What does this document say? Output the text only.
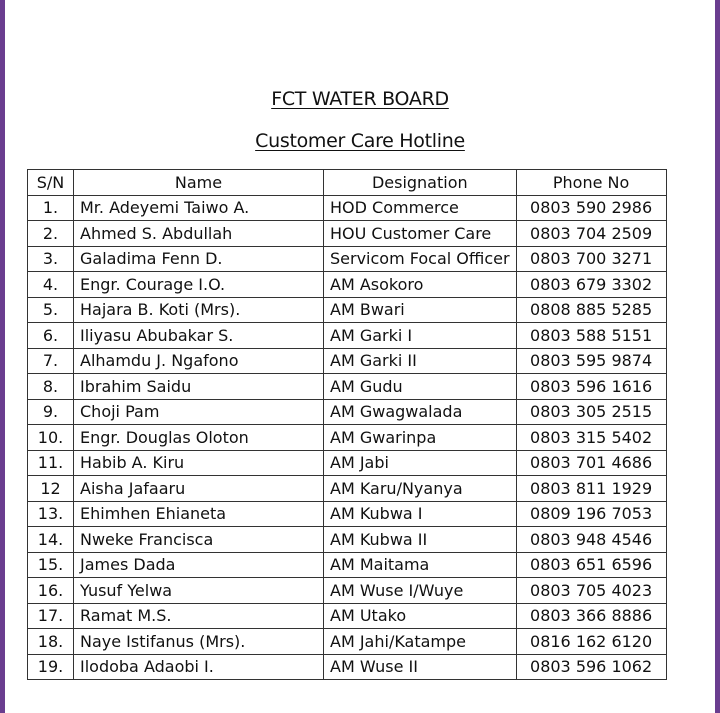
FCT WATER BOARD
Customer Care Hotline
S/N	Name	Designation	Phone No
1.	Mr. Adeyemi Taiwo A.	HOD Commerce	0803 590 2986
2.	Ahmed S. Abdullah	HOU Customer Care	0803 704 2509
3.	Galadima Fenn D.	Servicom Focal Officer	0803 700 3271
4.	Engr. Courage I.O.	AM Asokoro	0803 679 3302
5.	Hajara B. Koti (Mrs).	AM Bwari	0808 885 5285
6.	Iliyasu Abubakar S.	AM Garki I	0803 588 5151
7.	Alhamdu J. Ngafono	AM Garki II	0803 595 9874
8.	Ibrahim Saidu	AM Gudu	0803 596 1616
9.	Choji Pam	AM Gwagwalada	0803 305 2515
10.	Engr. Douglas Oloton	AM Gwarinpa	0803 315 5402
11.	Habib A. Kiru	AM Jabi	0803 701 4686
12	Aisha Jafaaru	AM Karu/Nyanya	0803 811 1929
13.	Ehimhen Ehianeta	AM Kubwa I	0809 196 7053
14.	Nweke Francisca	AM Kubwa II	0803 948 4546
15.	James Dada	AM Maitama	0803 651 6596
16.	Yusuf Yelwa	AM Wuse I/Wuye	0803 705 4023
17.	Ramat M.S.	AM Utako	0803 366 8886
18.	Naye Istifanus (Mrs).	AM Jahi/Katampe	0816 162 6120
19.	Ilodoba Adaobi I.	AM Wuse II	0803 596 1062
